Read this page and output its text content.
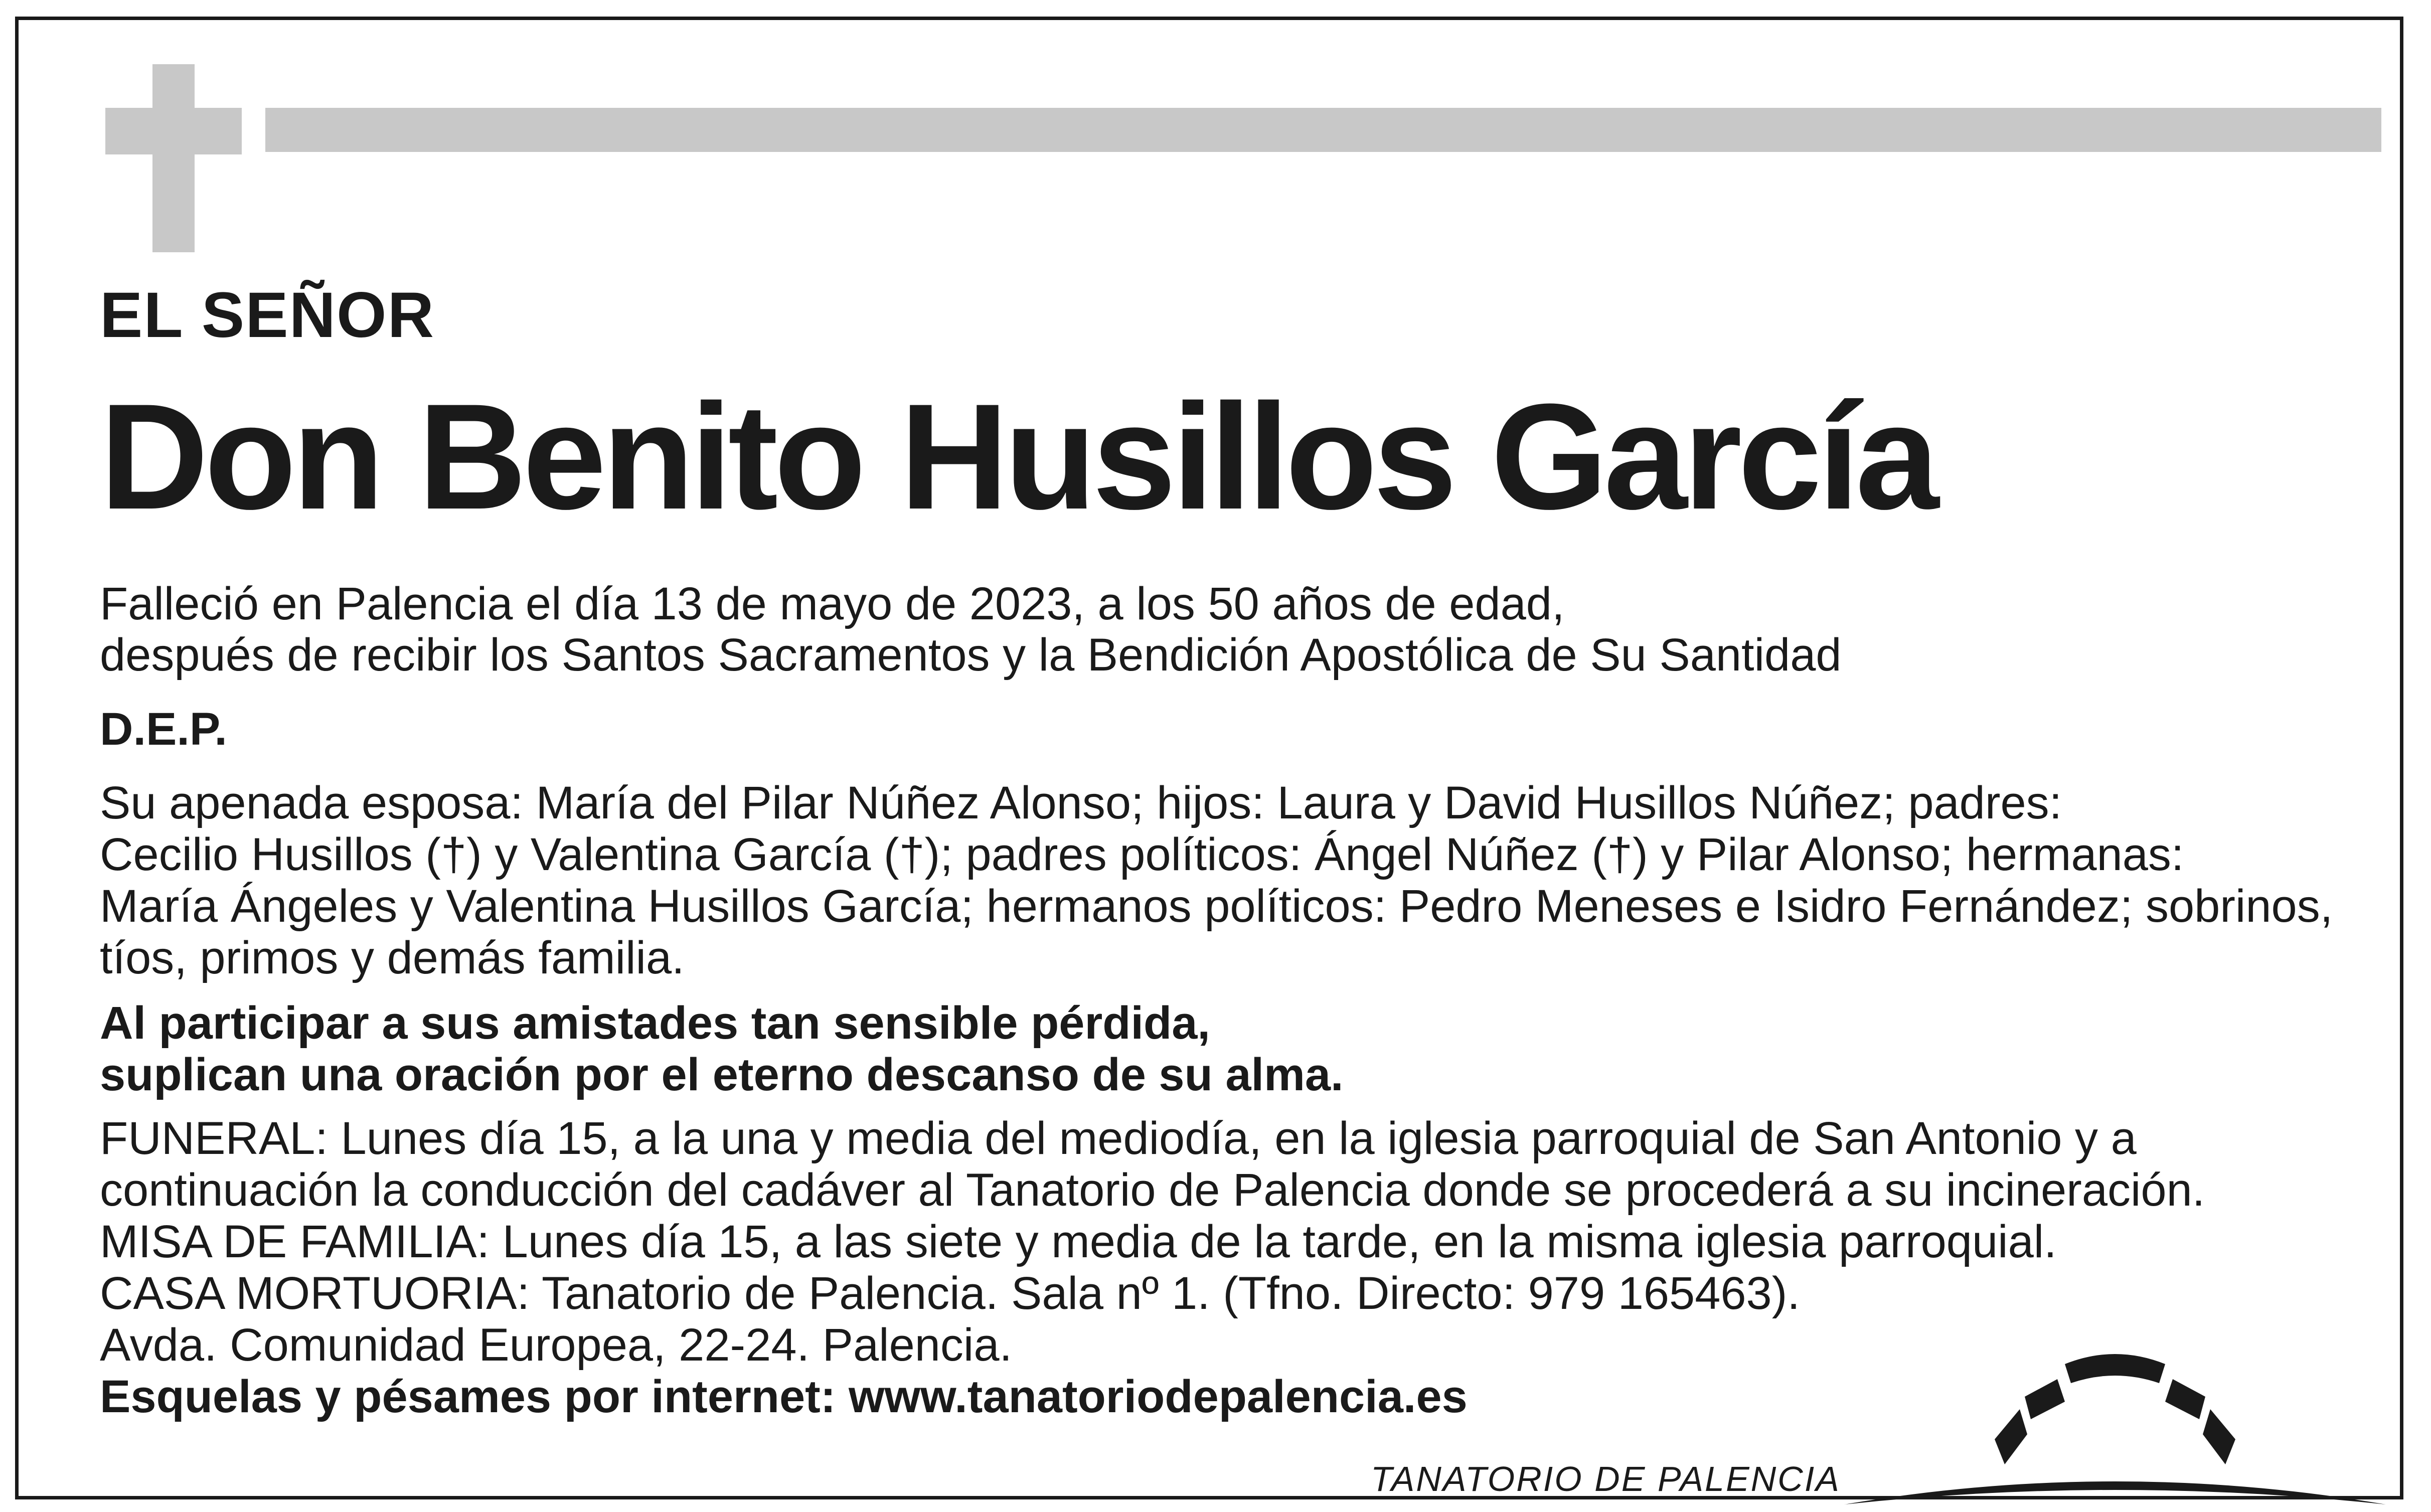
EL SEÑOR
Don Benito Husillos García
Falleció en Palencia el día 13 de mayo de 2023, a los 50 años de edad,
después de recibir los Santos Sacramentos y la Bendición Apostólica de Su Santidad
D.E.P.
Su apenada esposa: María del Pilar Núñez Alonso; hijos: Laura y David Husillos Núñez; padres:
Cecilio Husillos (†) y Valentina García (†); padres políticos: Ángel Núñez (†) y Pilar Alonso; hermanas:
María Ángeles y Valentina Husillos García; hermanos políticos: Pedro Meneses e Isidro Fernández; sobrinos,
tíos, primos y demás familia.
Al participar a sus amistades tan sensible pérdida,
suplican una oración por el eterno descanso de su alma.
FUNERAL: Lunes día 15, a la una y media del mediodía, en la iglesia parroquial de San Antonio y a
continuación la conducción del cadáver al Tanatorio de Palencia donde se procederá a su incineración.
MISA DE FAMILIA: Lunes día 15, a las siete y media de la tarde, en la misma iglesia parroquial.
CASA MORTUORIA: Tanatorio de Palencia. Sala nº 1. (Tfno. Directo: 979 165463).
Avda. Comunidad Europea, 22-24. Palencia.
Esquelas y pésames por internet: www.tanatoriodepalencia.es
TANATORIO DE PALENCIA
